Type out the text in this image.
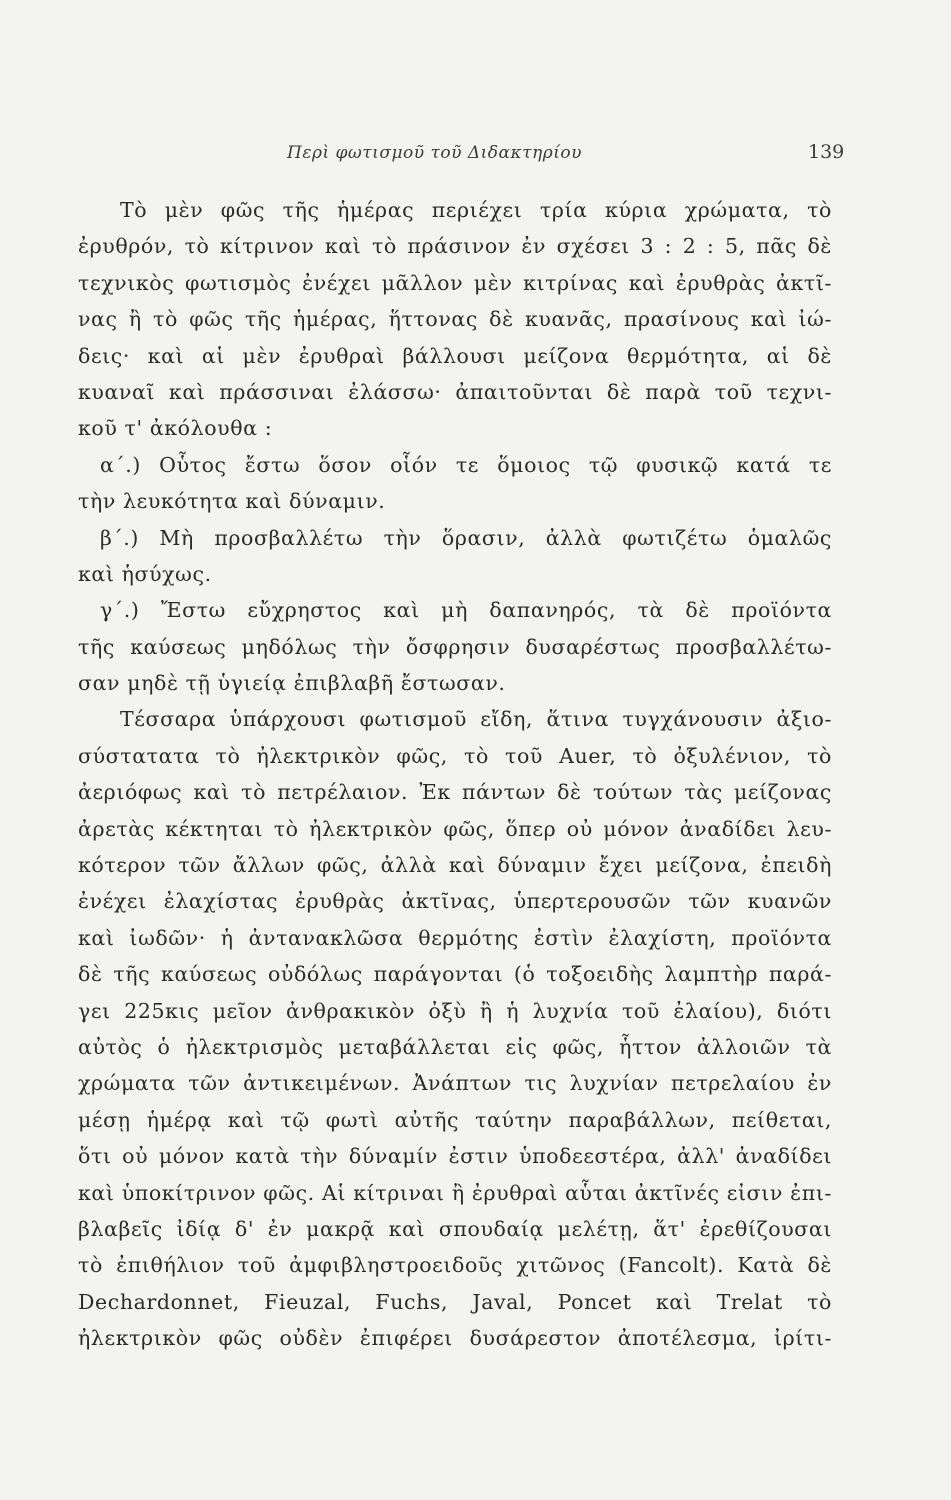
Περὶ φωτισμοῦ τοῦ Διδακτηρίου	139
Τὸ μὲν φῶς τῆς ἡμέρας περιέχει τρία κύρια χρώματα, τὸ
ἐρυθρόν, τὸ κίτρινον καὶ τὸ πράσινον ἐν σχέσει 3 : 2 : 5, πᾶς δὲ
τεχνικὸς φωτισμὸς ἐνέχει μᾶλλον μὲν κιτρίνας καὶ ἐρυθρὰς ἀκτῖ-
νας ἢ τὸ φῶς τῆς ἡμέρας, ἥττονας δὲ κυανᾶς, πρασίνους καὶ ἰώ-
δεις· καὶ αἱ μὲν ἐρυθραὶ βάλλουσι μείζονα θερμότητα, αἱ δὲ
κυαναῖ καὶ πράσσιναι ἐλάσσω· ἀπαιτοῦνται δὲ παρὰ τοῦ τεχνι-
κοῦ τ' ἀκόλουθα :
α΄.) Οὗτος ἔστω ὅσον οἷόν τε ὅμοιος τῷ φυσικῷ κατά τε
τὴν λευκότητα καὶ δύναμιν.
β΄.) Μὴ προσβαλλέτω τὴν ὅρασιν, ἀλλὰ φωτιζέτω ὁμαλῶς
καὶ ἡσύχως.
γ΄.) Ἔστω εὔχρηστος καὶ μὴ δαπανηρός, τὰ δὲ προϊόντα
τῆς καύσεως μηδόλως τὴν ὄσφρησιν δυσαρέστως προσβαλλέτω-
σαν μηδὲ τῇ ὑγιείᾳ ἐπιβλαβῆ ἔστωσαν.
Τέσσαρα ὑπάρχουσι φωτισμοῦ εἴδη, ἅτινα τυγχάνουσιν ἀξιο-
σύστατατα τὸ ἠλεκτρικὸν φῶς, τὸ τοῦ Auer, τὸ ὀξυλένιον, τὸ
ἀεριόφως καὶ τὸ πετρέλαιον. Ἐκ πάντων δὲ τούτων τὰς μείζονας
ἀρετὰς κέκτηται τὸ ἠλεκτρικὸν φῶς, ὅπερ οὐ μόνον ἀναδίδει λευ-
κότερον τῶν ἄλλων φῶς, ἀλλὰ καὶ δύναμιν ἔχει μείζονα, ἐπειδὴ
ἐνέχει ἐλαχίστας ἐρυθρὰς ἀκτῖνας, ὑπερτερουσῶν τῶν κυανῶν
καὶ ἰωδῶν· ἡ ἀντανακλῶσα θερμότης ἐστὶν ἐλαχίστη, προϊόντα
δὲ τῆς καύσεως οὐδόλως παράγονται (ὁ τοξοειδὴς λαμπτὴρ παρά-
γει 225κις μεῖον ἀνθρακικὸν ὀξὺ ἢ ἡ λυχνία τοῦ ἐλαίου), διότι
αὐτὸς ὁ ἠλεκτρισμὸς μεταβάλλεται εἰς φῶς, ἧττον ἀλλοιῶν τὰ
χρώματα τῶν ἀντικειμένων. Ἀνάπτων τις λυχνίαν πετρελαίου ἐν
μέσῃ ἡμέρᾳ καὶ τῷ φωτὶ αὐτῆς ταύτην παραβάλλων, πείθεται,
ὅτι οὐ μόνον κατὰ τὴν δύναμίν ἐστιν ὑποδεεστέρα, ἀλλ' ἀναδίδει
καὶ ὑποκίτρινον φῶς. Αἱ κίτριναι ἢ ἐρυθραὶ αὗται ἀκτῖνές εἰσιν ἐπι-
βλαβεῖς ἰδίᾳ δ' ἐν μακρᾷ καὶ σπουδαίᾳ μελέτῃ, ἅτ' ἐρεθίζουσαι
τὸ ἐπιθήλιον τοῦ ἀμφιβληστροειδοῦς χιτῶνος (Fancolt). Κατὰ δὲ
Dechardonnet, Fieuzal, Fuchs, Javal, Poncet καὶ Trelat τὸ
ἠλεκτρικὸν φῶς οὐδὲν ἐπιφέρει δυσάρεστον ἀποτέλεσμα, ἰρίτι-
